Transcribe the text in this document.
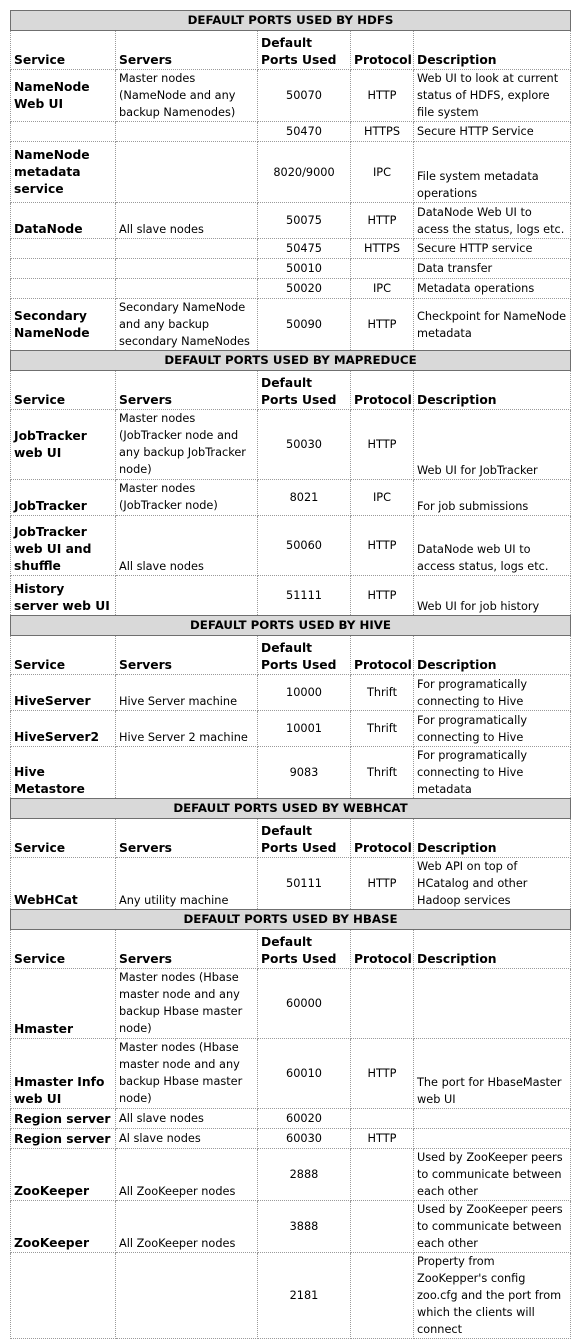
DEFAULT PORTS USED BY HDFS				
Service	Servers	Default Ports Used	Protocol	Description
NameNode Web UI	Master nodes (NameNode and any backup Namenodes)	50070	HTTP	Web UI to look at current status of HDFS, explore file system
		50470	HTTPS	Secure HTTP Service
NameNode metadata service		8020/9000	IPC	File system metadata operations
DataNode	All slave nodes	50075	HTTP	DataNode Web UI to acess the status, logs etc.
		50475	HTTPS	Secure HTTP service
		50010		Data transfer
		50020	IPC	Metadata operations
Secondary NameNode	Secondary NameNode and any backup secondary NameNodes	50090	HTTP	Checkpoint for NameNode metadata
DEFAULT PORTS USED BY MAPREDUCE				
Service	Servers	Default Ports Used	Protocol	Description
JobTracker web UI	Master nodes (JobTracker node and any backup JobTracker node)	50030	HTTP	Web UI for JobTracker
JobTracker	Master nodes (JobTracker node)	8021	IPC	For job submissions
JobTracker web UI and shuffle	All slave nodes	50060	HTTP	DataNode web UI to access status, logs etc.
History server web UI		51111	HTTP	Web UI for job history
DEFAULT PORTS USED BY HIVE				
Service	Servers	Default Ports Used	Protocol	Description
HiveServer	Hive Server machine	10000	Thrift	For programatically connecting to Hive
HiveServer2	Hive Server 2 machine	10001	Thrift	For programatically connecting to Hive
Hive Metastore		9083	Thrift	For programatically connecting to Hive metadata
DEFAULT PORTS USED BY WEBHCAT				
Service	Servers	Default Ports Used	Protocol	Description
WebHCat	Any utility machine	50111	HTTP	Web API on top of HCatalog and other Hadoop services
DEFAULT PORTS USED BY HBASE				
Service	Servers	Default Ports Used	Protocol	Description
Hmaster	Master nodes (Hbase master node and any backup Hbase master node)	60000		
Hmaster Info web UI	Master nodes (Hbase master node and any backup Hbase master node)	60010	HTTP	The port for HbaseMaster web UI
Region server	All slave nodes	60020		
Region server	Al slave nodes	60030	HTTP	
ZooKeeper	All ZooKeeper nodes	2888		Used by ZooKeeper peers to communicate between each other
ZooKeeper	All ZooKeeper nodes	3888		Used by ZooKeeper peers to communicate between each other
		2181		Property from ZooKepper's config zoo.cfg and the port from which the clients will connect
